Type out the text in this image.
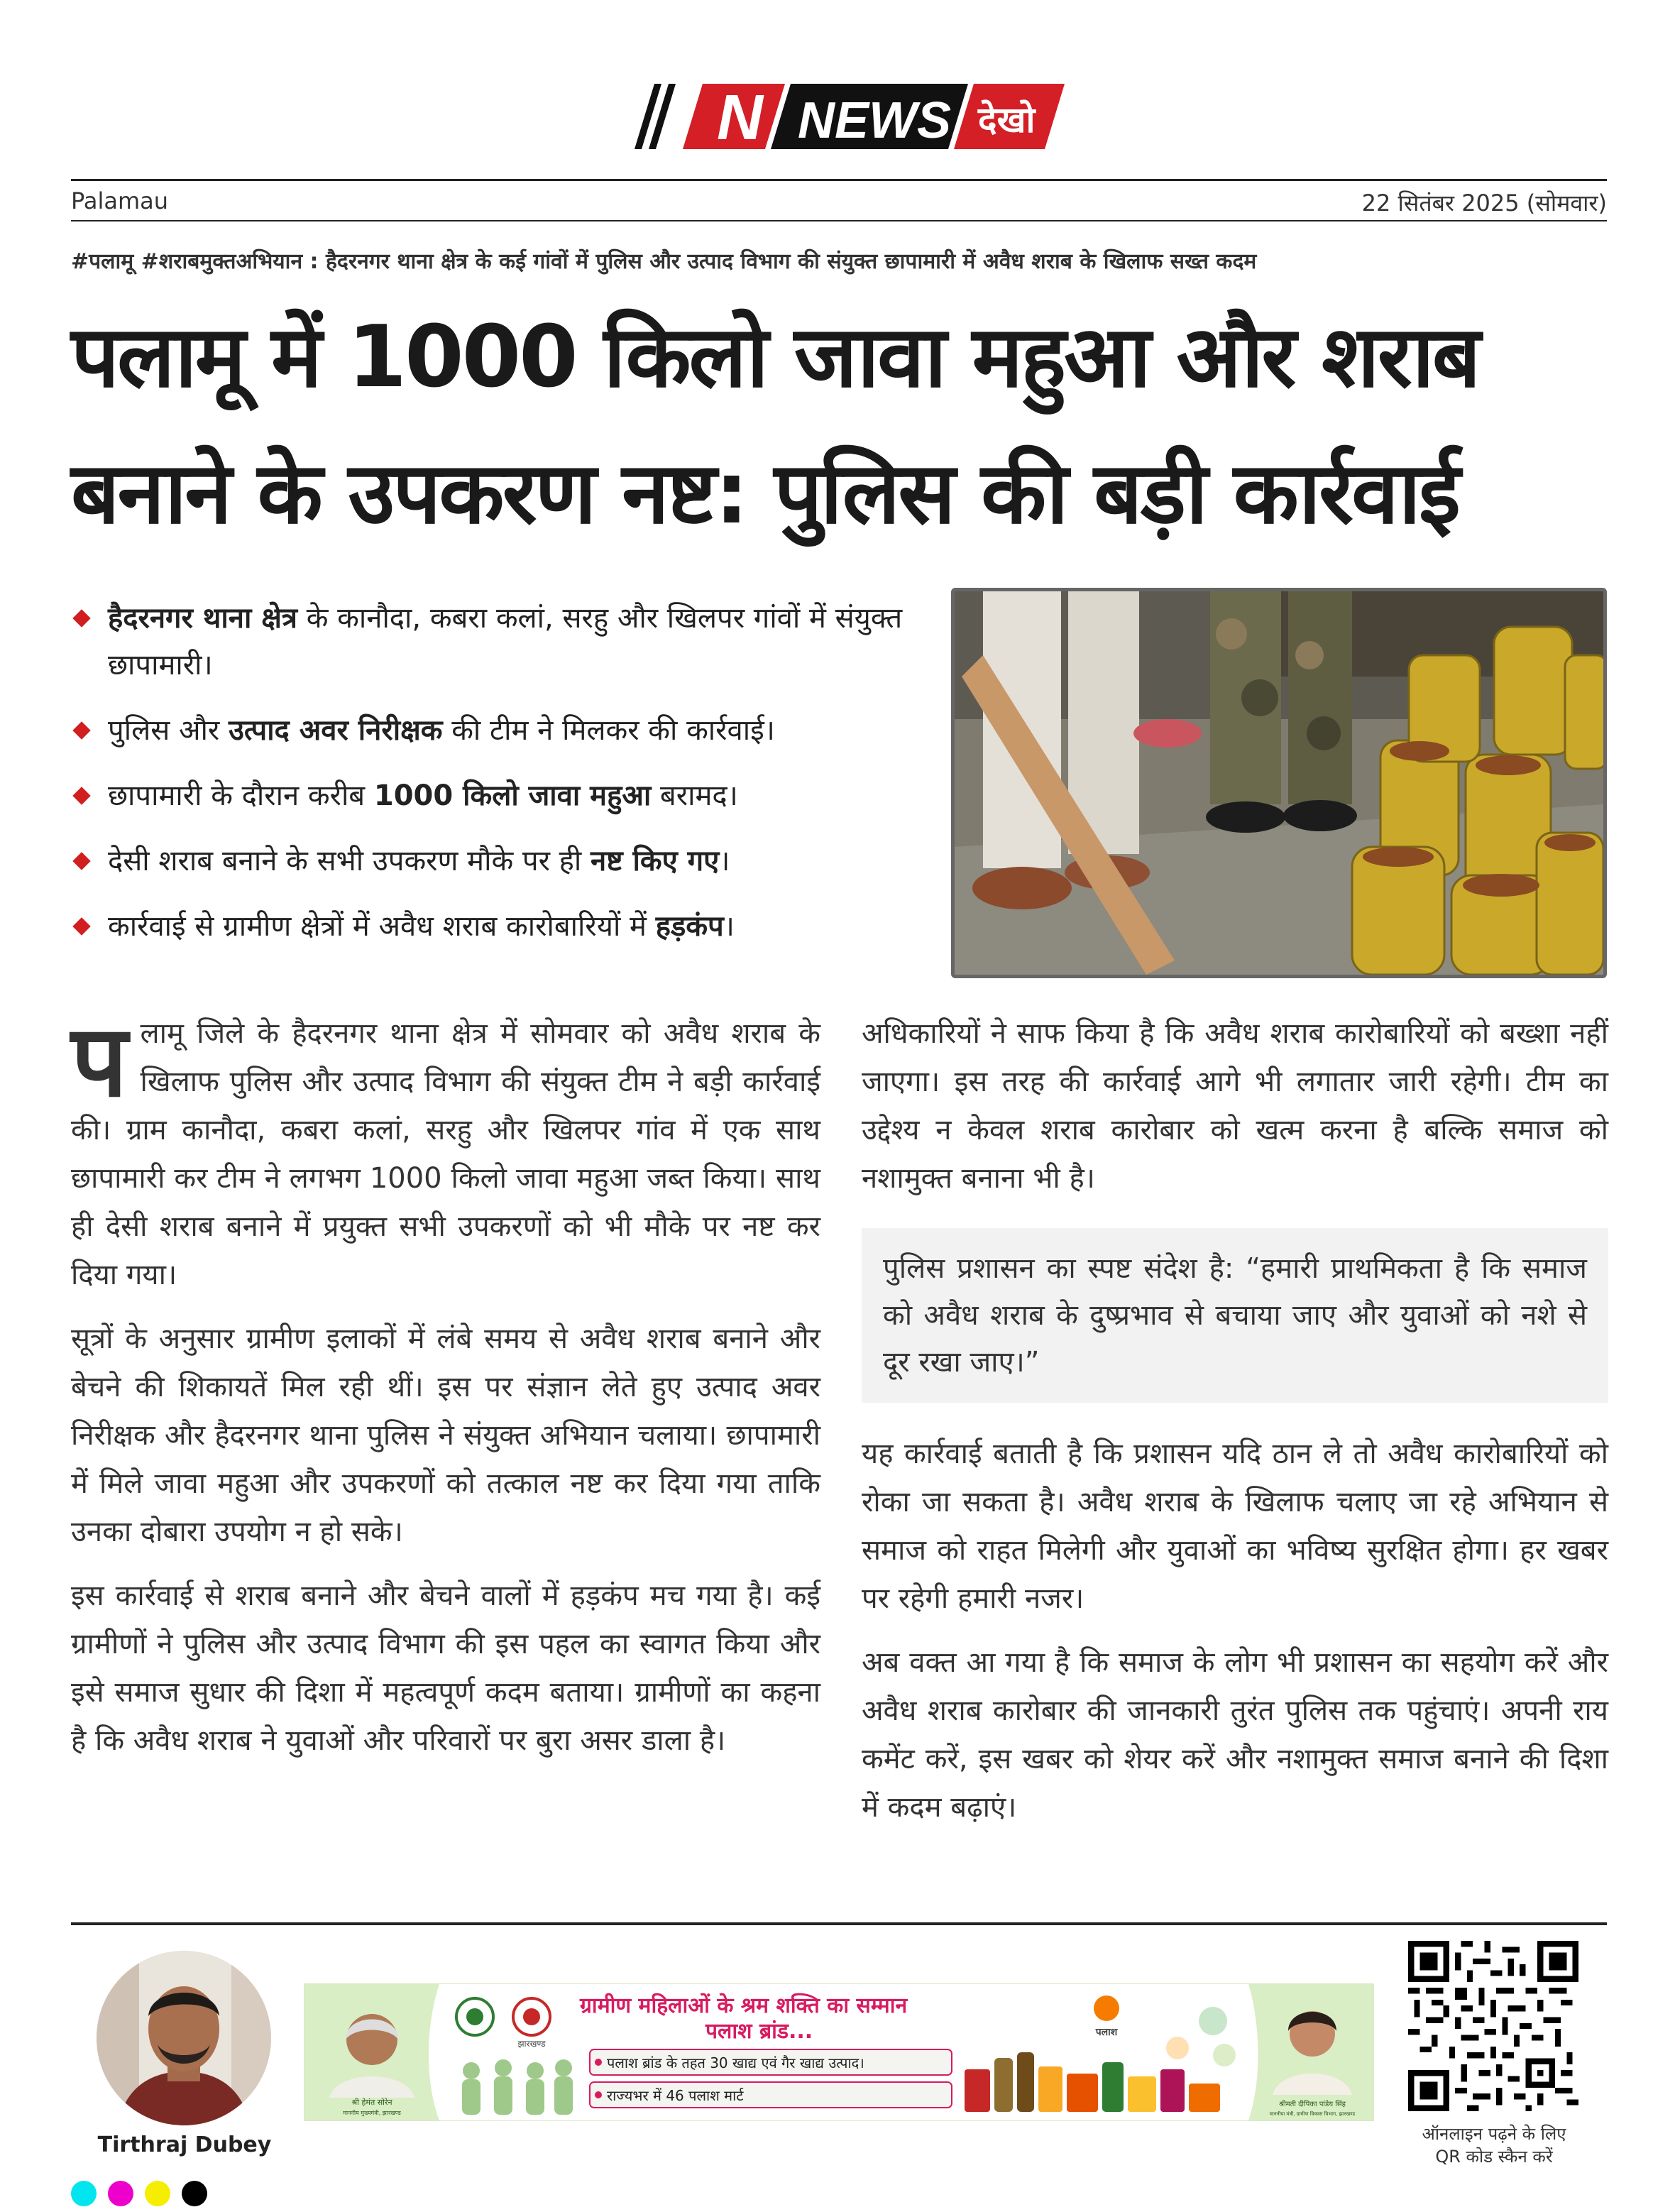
N NEWS देखो
Palamau	22 सितंबर 2025 (सोमवार)
#पलामू #शराबमुक्तअभियान : हैदरनगर थाना क्षेत्र के कई गांवों में पुलिस और उत्पाद विभाग की संयुक्त छापामारी में अवैध शराब के खिलाफ सख्त कदम
पलामू में 1000 किलो जावा महुआ और शराब
बनाने के उपकरण नष्ट: पुलिस की बड़ी कार्रवाई
हैदरनगर थाना क्षेत्र के कानौदा, कबरा कलां, सरहु और खिलपर गांवों में संयुक्त छापामारी।
पुलिस और उत्पाद अवर निरीक्षक की टीम ने मिलकर की कार्रवाई।
छापामारी के दौरान करीब 1000 किलो जावा महुआ बरामद।
देसी शराब बनाने के सभी उपकरण मौके पर ही नष्ट किए गए।
कार्रवाई से ग्रामीण क्षेत्रों में अवैध शराब कारोबारियों में हड़कंप।

पलामू जिले के हैदरनगर थाना क्षेत्र में सोमवार को अवैध शराब के खिलाफ पुलिस और उत्पाद विभाग की संयुक्त टीम ने बड़ी कार्रवाई की। ग्राम कानौदा, कबरा कलां, सरहु और खिलपर गांव में एक साथ छापामारी कर टीम ने लगभग 1000 किलो जावा महुआ जब्त किया। साथ ही देसी शराब बनाने में प्रयुक्त सभी उपकरणों को भी मौके पर नष्ट कर दिया गया।

सूत्रों के अनुसार ग्रामीण इलाकों में लंबे समय से अवैध शराब बनाने और बेचने की शिकायतें मिल रही थीं। इस पर संज्ञान लेते हुए उत्पाद अवर निरीक्षक और हैदरनगर थाना पुलिस ने संयुक्त अभियान चलाया। छापामारी में मिले जावा महुआ और उपकरणों को तत्काल नष्ट कर दिया गया ताकि उनका दोबारा उपयोग न हो सके।

इस कार्रवाई से शराब बनाने और बेचने वालों में हड़कंप मच गया है। कई ग्रामीणों ने पुलिस और उत्पाद विभाग की इस पहल का स्वागत किया और इसे समाज सुधार की दिशा में महत्वपूर्ण कदम बताया। ग्रामीणों का कहना है कि अवैध शराब ने युवाओं और परिवारों पर बुरा असर डाला है।

अधिकारियों ने साफ किया है कि अवैध शराब कारोबारियों को बख्शा नहीं जाएगा। इस तरह की कार्रवाई आगे भी लगातार जारी रहेगी। टीम का उद्देश्य न केवल शराब कारोबार को खत्म करना है बल्कि समाज को नशामुक्त बनाना भी है।

पुलिस प्रशासन का स्पष्ट संदेश है: “हमारी प्राथमिकता है कि समाज को अवैध शराब के दुष्प्रभाव से बचाया जाए और युवाओं को नशे से दूर रखा जाए।”

यह कार्रवाई बताती है कि प्रशासन यदि ठान ले तो अवैध कारोबारियों को रोका जा सकता है। अवैध शराब के खिलाफ चलाए जा रहे अभियान से समाज को राहत मिलेगी और युवाओं का भविष्य सुरक्षित होगा। हर खबर पर रहेगी हमारी नजर।

अब वक्त आ गया है कि समाज के लोग भी प्रशासन का सहयोग करें और अवैध शराब कारोबार की जानकारी तुरंत पुलिस तक पहुंचाएं। अपनी राय कमेंट करें, इस खबर को शेयर करें और नशामुक्त समाज बनाने की दिशा में कदम बढ़ाएं।

Tirthraj Dubey
श्री हेमंत सोरेन
माननीय मुख्यमंत्री, झारखण्ड
झारखण्ड
ग्रामीण महिलाओं के श्रम शक्ति का सम्मान
पलाश ब्रांड...
पलाश ब्रांड के तहत 30 खाद्य एवं गैर खाद्य उत्पाद।
राज्यभर में 46 पलाश मार्ट
पलाश
श्रीमती दीपिका पांडेय सिंह
माननीया मंत्री, ग्रामीण विकास विभाग, झारखण्ड
ऑनलाइन पढ़ने के लिए
QR कोड स्कैन करें
